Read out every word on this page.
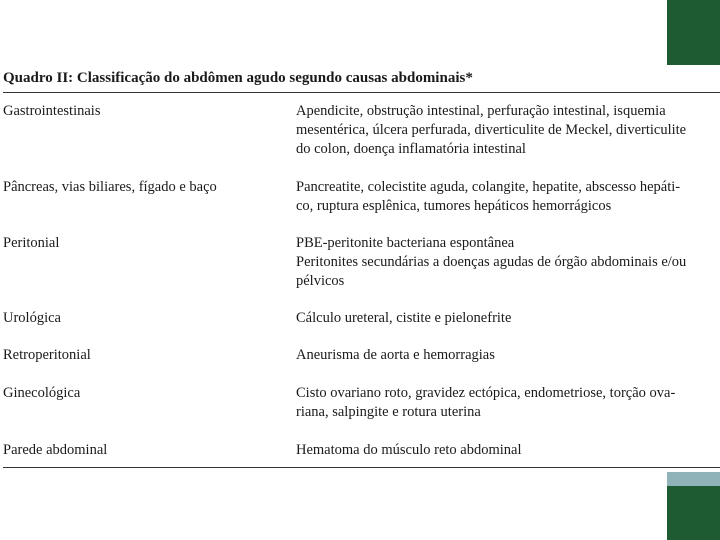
Quadro II: Classificação do abdômen agudo segundo causas abdominais*
Gastrointestinais	Apendicite, obstrução intestinal, perfuração intestinal, isquemia
mesentérica, úlcera perfurada, diverticulite de Meckel, diverticulite
do colon, doença inflamatória intestinal
Pâncreas, vias biliares, fígado e baço	Pancreatite, colecistite aguda, colangite, hepatite, abscesso hepáti-
co, ruptura esplênica, tumores hepáticos hemorrágicos
Peritonial	PBE-peritonite bacteriana espontânea
Peritonites secundárias a doenças agudas de órgão abdominais e/ou
pélvicos
Urológica	Cálculo ureteral, cistite e pielonefrite
Retroperitonial	Aneurisma de aorta e hemorragias
Ginecológica	Cisto ovariano roto, gravidez ectópica, endometriose, torção ova-
riana, salpingite e rotura uterina
Parede abdominal	Hematoma do músculo reto abdominal
